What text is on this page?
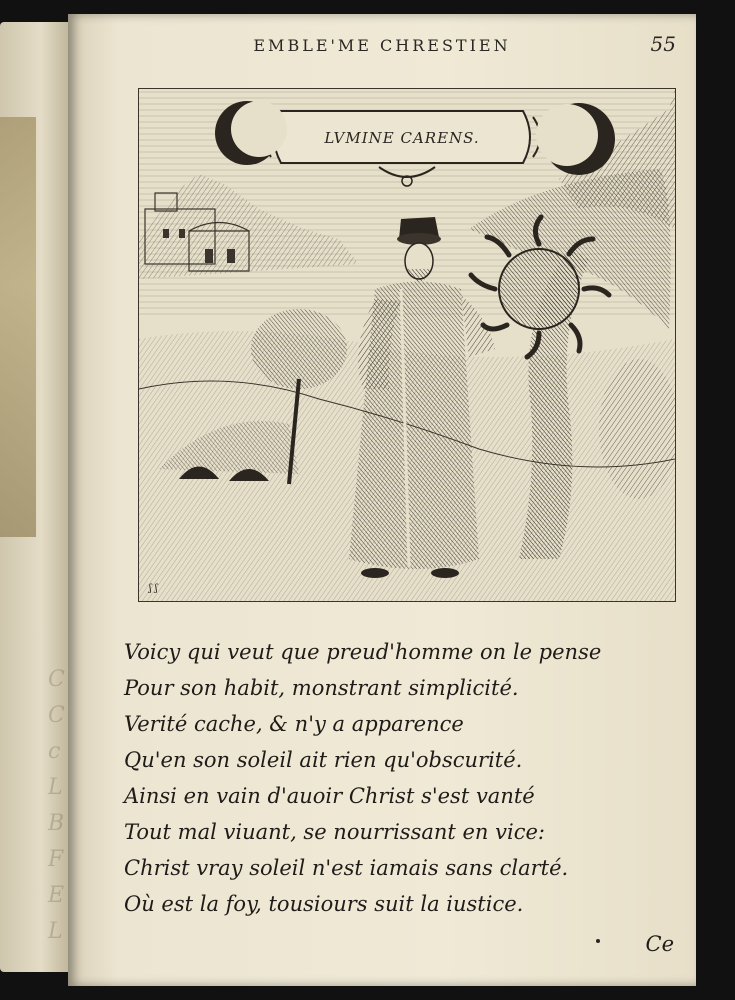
C
C
c
L
B
F
E
L
EMBLE'ME CHRESTIEN	55
LVMINE CARENS.
ʃ ʃ
Voicy qui veut que preud'homme on le pense
Pour son habit, monstrant simplicité.
Verité cache, & n'y a apparence
Qu'en son soleil ait rien qu'obscurité.
Ainsi en vain d'auoir Christ s'est vanté
Tout mal viuant, se nourrissant en vice:
Christ vray soleil n'est iamais sans clarté.
Où est la foy, tousiours suit la iustice.
Ce
